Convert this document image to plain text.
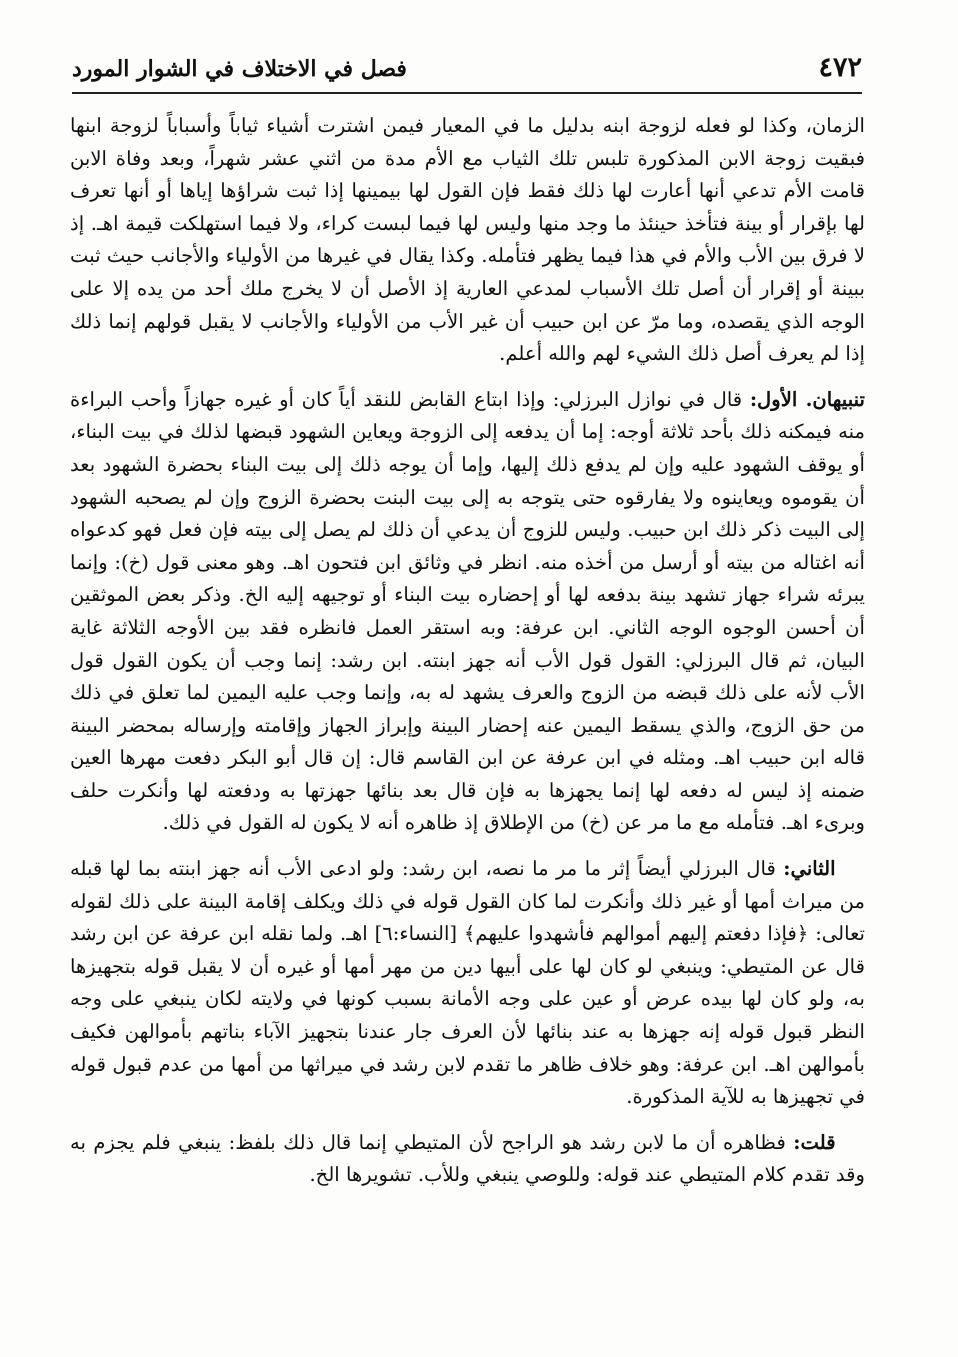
٤٧٢
فصل في الاختلاف في الشوار المورد

الزمان، وكذا لو فعله لزوجة ابنه بدليل ما في المعيار فيمن اشترت أشياء ثياباً وأسباباً لزوجة ابنها فبقيت زوجة الابن المذكورة تلبس تلك الثياب مع الأم مدة من اثني عشر شهراً، وبعد وفاة الابن قامت الأم تدعي أنها أعارت لها ذلك فقط فإن القول لها بيمينها إذا ثبت شراؤها إياها أو أنها تعرف لها بإقرار أو بينة فتأخذ حينئذ ما وجد منها وليس لها فيما لبست كراء، ولا فيما استهلكت قيمة اهـ. إذ لا فرق بين الأب والأم في هذا فيما يظهر فتأمله. وكذا يقال في غيرها من الأولياء والأجانب حيث ثبت ببينة أو إقرار أن أصل تلك الأسباب لمدعي العارية إذ الأصل أن لا يخرج ملك أحد من يده إلا على الوجه الذي يقصده، وما مرّ عن ابن حبيب أن غير الأب من الأولياء والأجانب لا يقبل قولهم إنما ذلك إذا لم يعرف أصل ذلك الشيء لهم والله أعلم.

تنبيهان. الأول: قال في نوازل البرزلي: وإذا ابتاع القابض للنقد أياً كان أو غيره جهازاً وأحب البراءة منه فيمكنه ذلك بأحد ثلاثة أوجه: إما أن يدفعه إلى الزوجة ويعاين الشهود قبضها لذلك في بيت البناء، أو يوقف الشهود عليه وإن لم يدفع ذلك إليها، وإما أن يوجه ذلك إلى بيت البناء بحضرة الشهود بعد أن يقوموه ويعاينوه ولا يفارقوه حتى يتوجه به إلى بيت البنت بحضرة الزوج وإن لم يصحبه الشهود إلى البيت ذكر ذلك ابن حبيب. وليس للزوج أن يدعي أن ذلك لم يصل إلى بيته فإن فعل فهو كدعواه أنه اغتاله من بيته أو أرسل من أخذه منه. انظر في وثائق ابن فتحون اهـ. وهو معنى قول (خ): وإنما يبرئه شراء جهاز تشهد بينة بدفعه لها أو إحضاره بيت البناء أو توجيهه إليه الخ. وذكر بعض الموثقين أن أحسن الوجوه الوجه الثاني. ابن عرفة: وبه استقر العمل فانظره فقد بين الأوجه الثلاثة غاية البيان، ثم قال البرزلي: القول قول الأب أنه جهز ابنته. ابن رشد: إنما وجب أن يكون القول قول الأب لأنه على ذلك قبضه من الزوج والعرف يشهد له به، وإنما وجب عليه اليمين لما تعلق في ذلك من حق الزوج، والذي يسقط اليمين عنه إحضار البينة وإبراز الجهاز وإقامته وإرساله بمحضر البينة قاله ابن حبيب اهـ. ومثله في ابن عرفة عن ابن القاسم قال: إن قال أبو البكر دفعت مهرها العين ضمنه إذ ليس له دفعه لها إنما يجهزها به فإن قال بعد بنائها جهزتها به ودفعته لها وأنكرت حلف وبرىء اهـ. فتأمله مع ما مر عن (خ) من الإطلاق إذ ظاهره أنه لا يكون له القول في ذلك.

الثاني: قال البرزلي أيضاً إثر ما مر ما نصه، ابن رشد: ولو ادعى الأب أنه جهز ابنته بما لها قبله من ميراث أمها أو غير ذلك وأنكرت لما كان القول قوله في ذلك ويكلف إقامة البينة على ذلك لقوله تعالى: ﴿فإذا دفعتم إليهم أموالهم فأشهدوا عليهم﴾ [النساء:٦] اهـ. ولما نقله ابن عرفة عن ابن رشد قال عن المتيطي: وينبغي لو كان لها على أبيها دين من مهر أمها أو غيره أن لا يقبل قوله بتجهيزها به، ولو كان لها بيده عرض أو عين على وجه الأمانة بسبب كونها في ولايته لكان ينبغي على وجه النظر قبول قوله إنه جهزها به عند بنائها لأن العرف جار عندنا بتجهيز الآباء بناتهم بأموالهن فكيف بأموالهن اهـ. ابن عرفة: وهو خلاف ظاهر ما تقدم لابن رشد في ميراثها من أمها من عدم قبول قوله في تجهيزها به للآية المذكورة.

قلت: فظاهره أن ما لابن رشد هو الراجح لأن المتيطي إنما قال ذلك بلفظ: ينبغي فلم يجزم به وقد تقدم كلام المتيطي عند قوله: وللوصي ينبغي وللأب. تشويرها الخ.
